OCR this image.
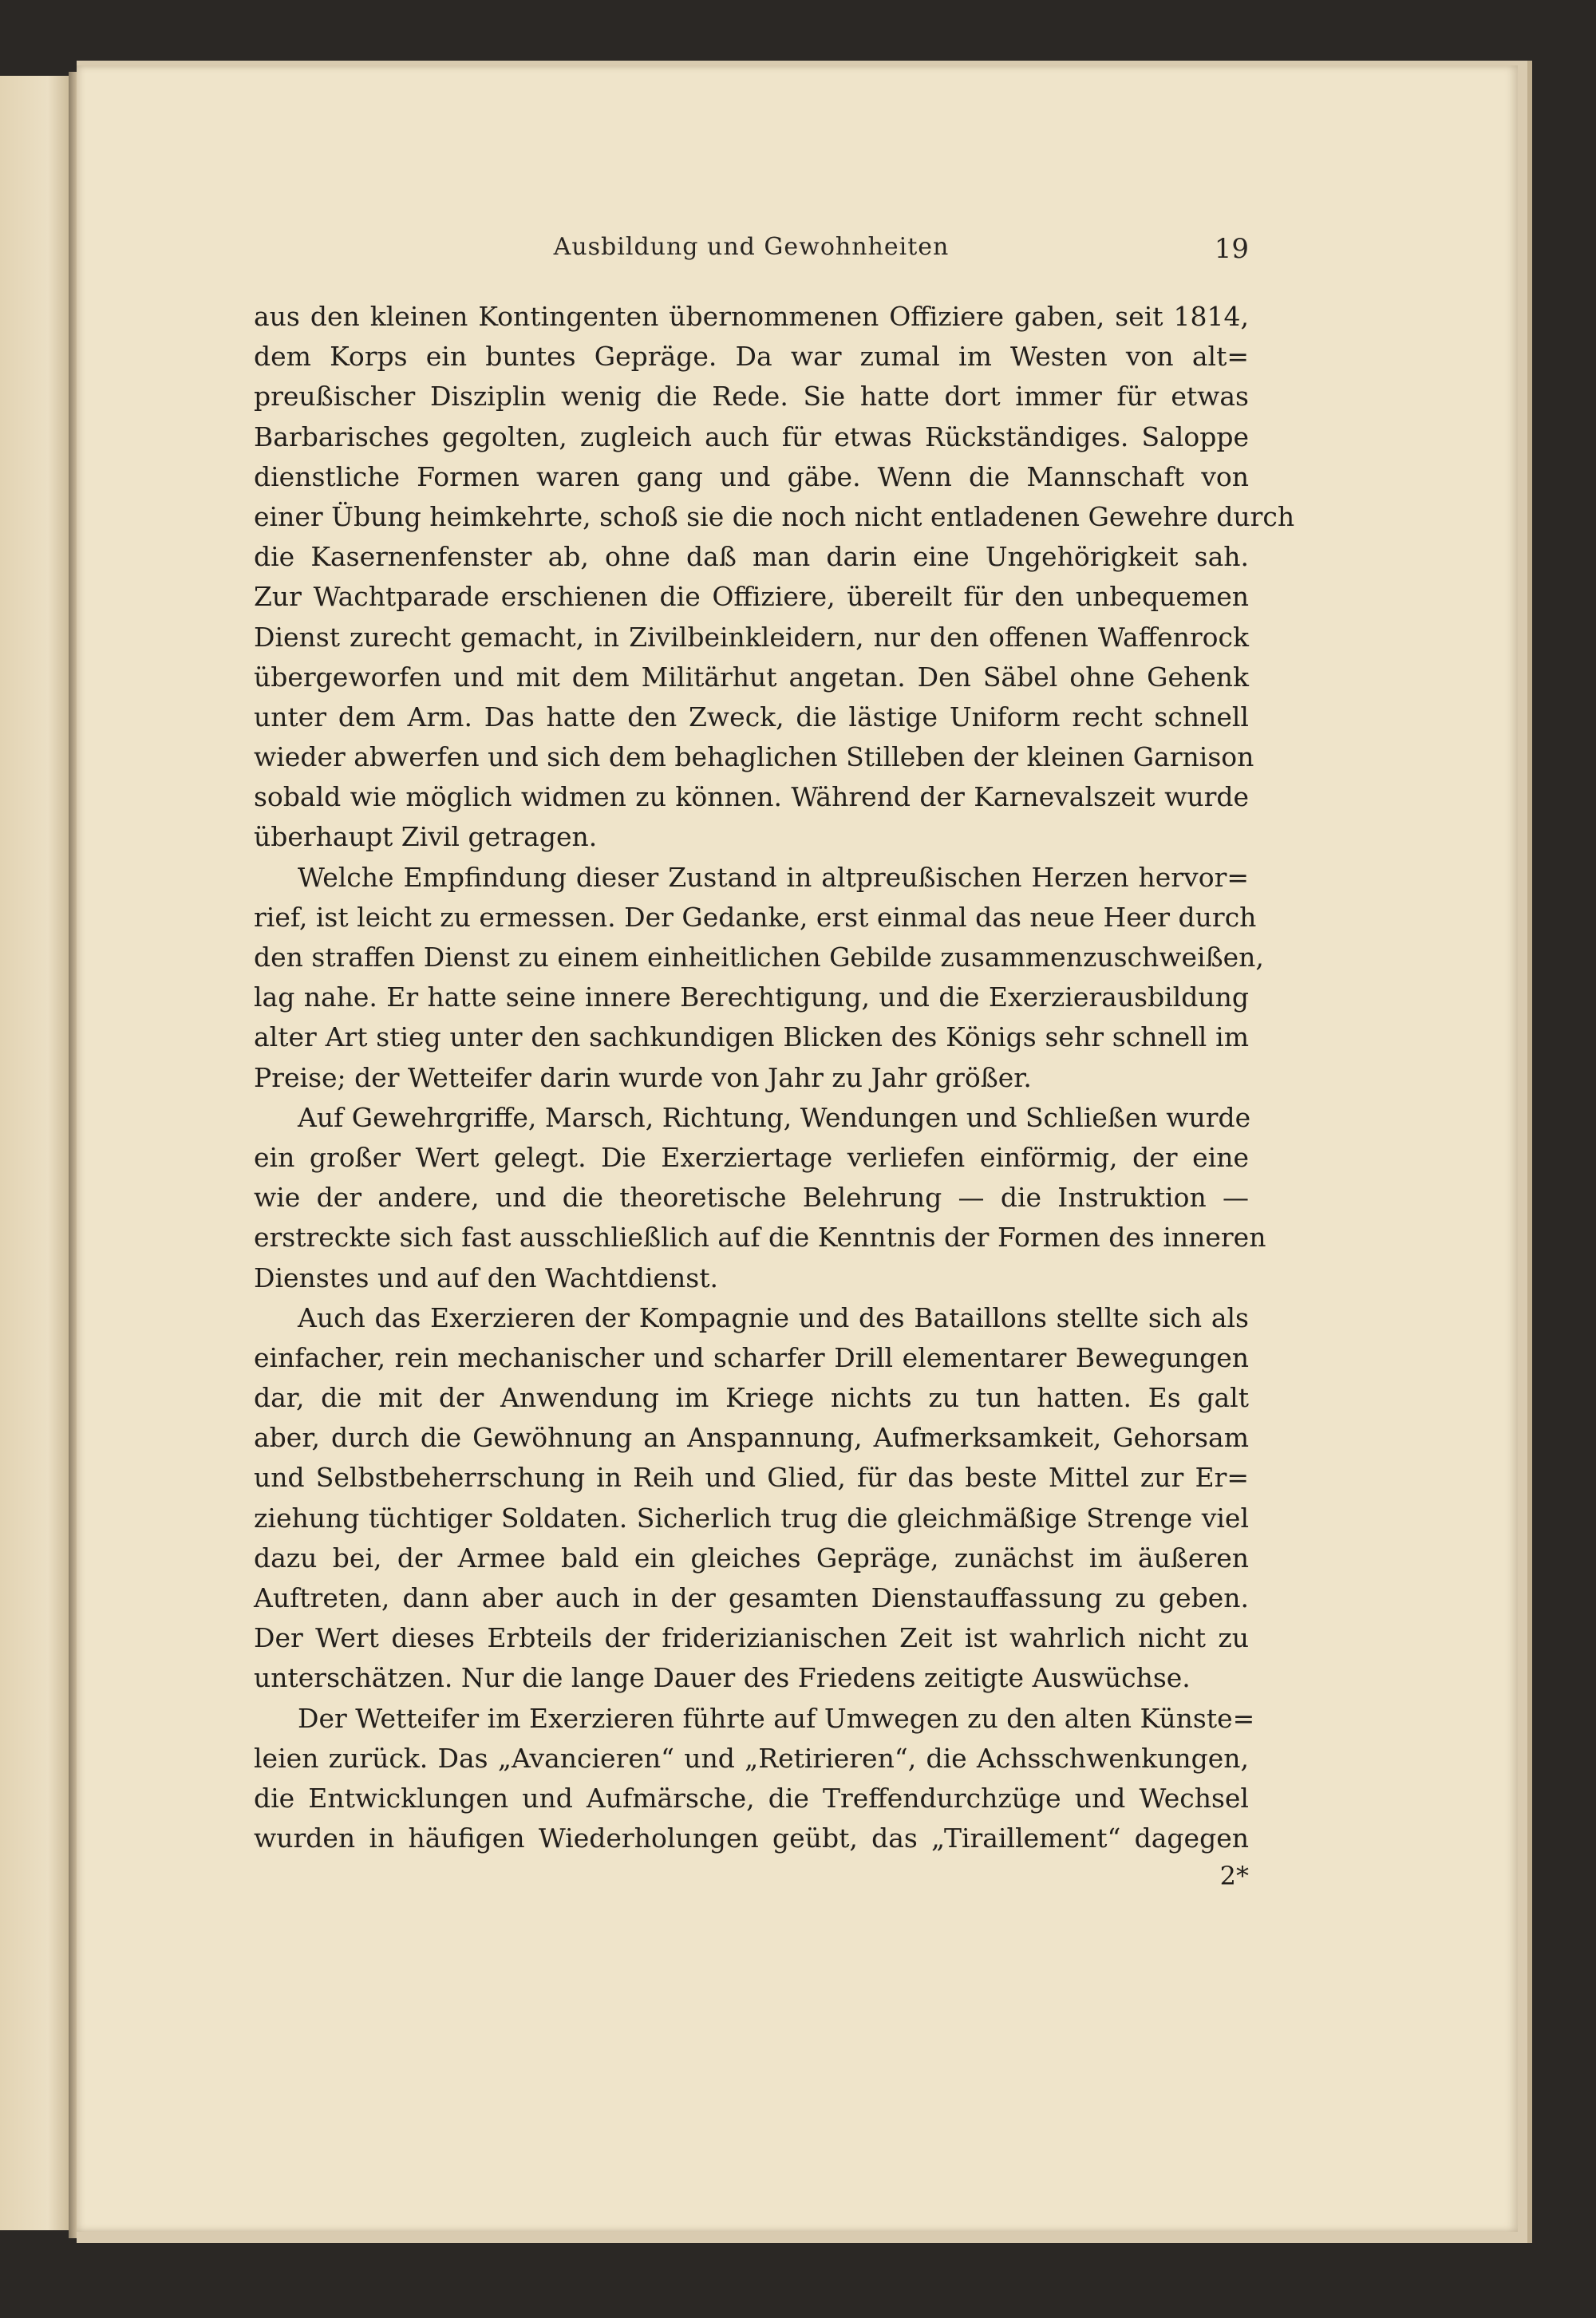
Ausbildung und Gewohnheiten	19
aus den kleinen Kontingenten übernommenen Offiziere gaben, seit 1814,
dem Korps ein buntes Gepräge. Da war zumal im Westen von alt=
preußischer Disziplin wenig die Rede. Sie hatte dort immer für etwas
Barbarisches gegolten, zugleich auch für etwas Rückständiges. Saloppe
dienstliche Formen waren gang und gäbe. Wenn die Mannschaft von
einer Übung heimkehrte, schoß sie die noch nicht entladenen Gewehre durch
die Kasernenfenster ab, ohne daß man darin eine Ungehörigkeit sah.
Zur Wachtparade erschienen die Offiziere, übereilt für den unbequemen
Dienst zurecht gemacht, in Zivilbeinkleidern, nur den offenen Waffenrock
übergeworfen und mit dem Militärhut angetan. Den Säbel ohne Gehenk
unter dem Arm. Das hatte den Zweck, die lästige Uniform recht schnell
wieder abwerfen und sich dem behaglichen Stilleben der kleinen Garnison
sobald wie möglich widmen zu können. Während der Karnevalszeit wurde
überhaupt Zivil getragen.
Welche Empfindung dieser Zustand in altpreußischen Herzen hervor=
rief, ist leicht zu ermessen. Der Gedanke, erst einmal das neue Heer durch
den straffen Dienst zu einem einheitlichen Gebilde zusammenzuschweißen,
lag nahe. Er hatte seine innere Berechtigung, und die Exerzierausbildung
alter Art stieg unter den sachkundigen Blicken des Königs sehr schnell im
Preise; der Wetteifer darin wurde von Jahr zu Jahr größer.
Auf Gewehrgriffe, Marsch, Richtung, Wendungen und Schließen wurde
ein großer Wert gelegt. Die Exerziertage verliefen einförmig, der eine
wie der andere, und die theoretische Belehrung — die Instruktion —
erstreckte sich fast ausschließlich auf die Kenntnis der Formen des inneren
Dienstes und auf den Wachtdienst.
Auch das Exerzieren der Kompagnie und des Bataillons stellte sich als
einfacher, rein mechanischer und scharfer Drill elementarer Bewegungen
dar, die mit der Anwendung im Kriege nichts zu tun hatten. Es galt
aber, durch die Gewöhnung an Anspannung, Aufmerksamkeit, Gehorsam
und Selbstbeherrschung in Reih und Glied, für das beste Mittel zur Er=
ziehung tüchtiger Soldaten. Sicherlich trug die gleichmäßige Strenge viel
dazu bei, der Armee bald ein gleiches Gepräge, zunächst im äußeren
Auftreten, dann aber auch in der gesamten Dienstauffassung zu geben.
Der Wert dieses Erbteils der friderizianischen Zeit ist wahrlich nicht zu
unterschätzen. Nur die lange Dauer des Friedens zeitigte Auswüchse.
Der Wetteifer im Exerzieren führte auf Umwegen zu den alten Künste=
leien zurück. Das „Avancieren“ und „Retirieren“, die Achsschwenkungen,
die Entwicklungen und Aufmärsche, die Treffendurchzüge und Wechsel
wurden in häufigen Wiederholungen geübt, das „Tiraillement“ dagegen
2*
